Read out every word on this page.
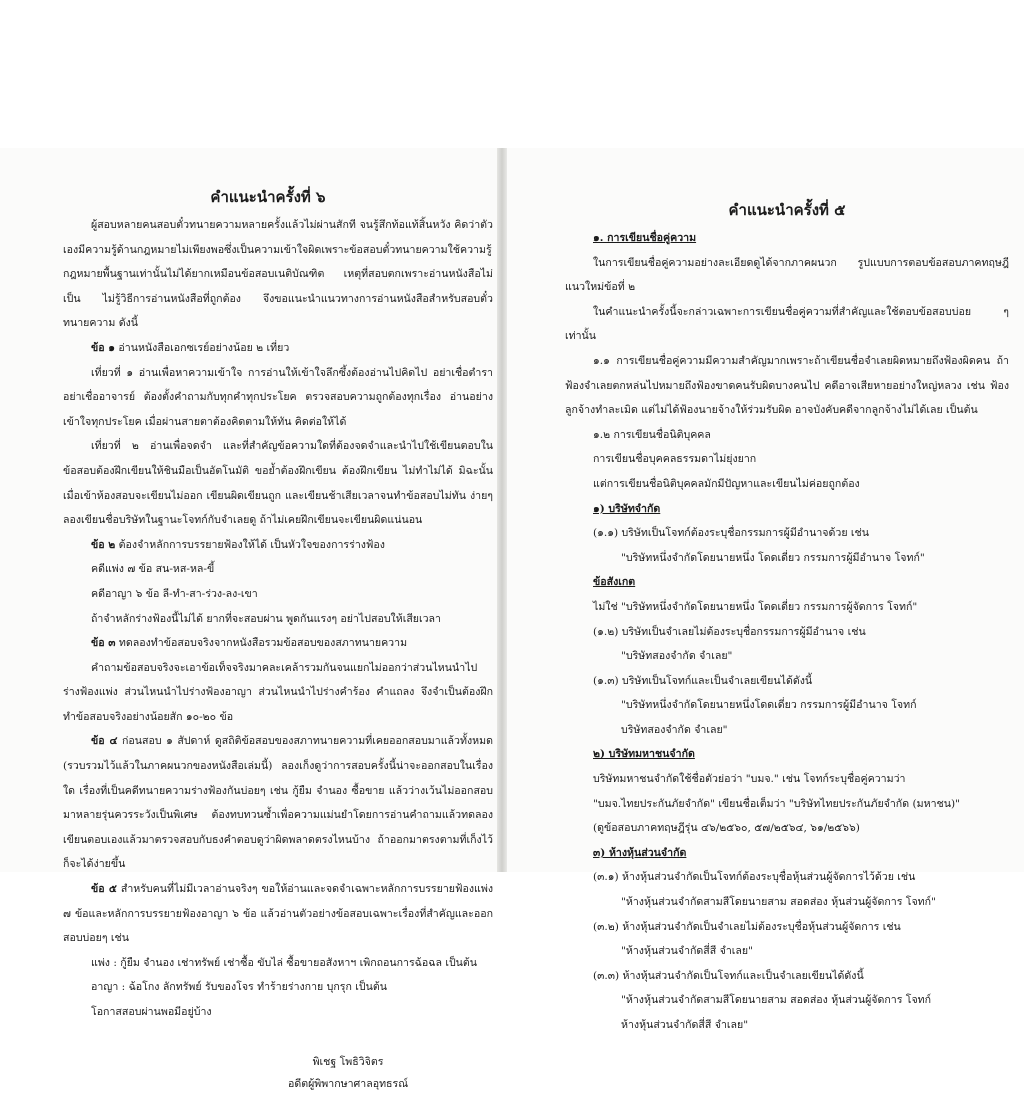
คำแนะนำครั้งที่ ๖
ผู้สอบหลายคนสอบตั๋วทนายความหลายครั้งแล้วไม่ผ่านสักที จนรู้สึกท้อแท้สิ้นหวัง คิดว่าตัวเองมีความรู้ด้านกฎหมายไม่เพียงพอซึ่งเป็นความเข้าใจผิดเพราะข้อสอบตั๋วทนายความใช้ความรู้กฎหมายพื้นฐานเท่านั้นไม่ได้ยากเหมือนข้อสอบเนติบัณฑิต เหตุที่สอบตกเพราะอ่านหนังสือไม่เป็น ไม่รู้วิธีการอ่านหนังสือที่ถูกต้อง จึงขอแนะนำแนวทางการอ่านหนังสือสำหรับสอบตั๋วทนายความ ดังนี้
ข้อ ๑ อ่านหนังสือเอกซเรย์อย่างน้อย ๒ เที่ยว
เที่ยวที่ ๑ อ่านเพื่อหาความเข้าใจ การอ่านให้เข้าใจลึกซึ้งต้องอ่านไปคิดไป อย่าเชื่อตำรา อย่าเชื่ออาจารย์ ต้องตั้งคำถามกับทุกคำทุกประโยค ตรวจสอบความถูกต้องทุกเรื่อง อ่านอย่างเข้าใจทุกประโยค เมื่อผ่านสายตาต้องคิดตามให้ทัน คิดต่อให้ได้
เที่ยวที่ ๒ อ่านเพื่อจดจำ และที่สำคัญข้อความใดที่ต้องจดจำและนำไปใช้เขียนตอบในข้อสอบต้องฝึกเขียนให้ชินมือเป็นอัตโนมัติ ขอย้ำต้องฝึกเขียน ต้องฝึกเขียน ไม่ทำไม่ได้ มิฉะนั้นเมื่อเข้าห้องสอบจะเขียนไม่ออก เขียนผิดเขียนถูก และเขียนช้าเสียเวลาจนทำข้อสอบไม่ทัน ง่ายๆ ลองเขียนชื่อบริษัทในฐานะโจทก์กับจำเลยดู ถ้าไม่เคยฝึกเขียนจะเขียนผิดแน่นอน
ข้อ ๒ ต้องจำหลักการบรรยายฟ้องให้ได้ เป็นหัวใจของการร่างฟ้อง
คดีแพ่ง ๗ ข้อ สน-หส-หล-ขี้
คดีอาญา ๖ ข้อ ลี-ทำ-สา-ร่วง-ลง-เขา
ถ้าจำหลักร่างฟ้องนี้ไม่ได้ ยากที่จะสอบผ่าน พูดกันแรงๆ อย่าไปสอบให้เสียเวลา
ข้อ ๓ ทดลองทำข้อสอบจริงจากหนังสือรวมข้อสอบของสภาทนายความ
คำถามข้อสอบจริงจะเอาข้อเท็จจริงมาคละเคล้ารวมกันจนแยกไม่ออกว่าส่วนไหนนำไปร่างฟ้องแพ่ง ส่วนไหนนำไปร่างฟ้องอาญา ส่วนไหนนำไปร่างคำร้อง คำแถลง จึงจำเป็นต้องฝึกทำข้อสอบจริงอย่างน้อยสัก ๑๐-๒๐ ข้อ
ข้อ ๔ ก่อนสอบ ๑ สัปดาห์ ดูสถิติข้อสอบของสภาทนายความที่เคยออกสอบมาแล้วทั้งหมด (รวบรวมไว้แล้วในภาคผนวกของหนังสือเล่มนี้) ลองเก็งดูว่าการสอบครั้งนี้น่าจะออกสอบในเรื่องใด เรื่องที่เป็นคดีทนายความร่างฟ้องกันบ่อยๆ เช่น กู้ยืม จำนอง ซื้อขาย แล้วว่างเว้นไม่ออกสอบมาหลายรุ่นควรระวังเป็นพิเศษ ต้องทบทวนซ้ำเพื่อความแม่นยำโดยการอ่านคำถามแล้วทดลองเขียนตอบเองแล้วมาตรวจสอบกับธงคำตอบดูว่าผิดพลาดตรงไหนบ้าง ถ้าออกมาตรงตามที่เก็งไว้ก็จะได้ง่ายขึ้น
ข้อ ๕ สำหรับคนที่ไม่มีเวลาอ่านจริงๆ ขอให้อ่านและจดจำเฉพาะหลักการบรรยายฟ้องแพ่ง ๗ ข้อและหลักการบรรยายฟ้องอาญา ๖ ข้อ แล้วอ่านตัวอย่างข้อสอบเฉพาะเรื่องที่สำคัญและออกสอบบ่อยๆ เช่น
แพ่ง : กู้ยืม จำนอง เช่าทรัพย์ เช่าซื้อ ขับไล่ ซื้อขายอสังหาฯ เพิกถอนการฉ้อฉล เป็นต้น
อาญา : ฉ้อโกง ลักทรัพย์ รับของโจร ทำร้ายร่างกาย บุกรุก เป็นต้น
โอกาสสอบผ่านพอมีอยู่บ้าง
พิเชฐ โพธิวิจิตร
อดีตผู้พิพากษาศาลอุทธรณ์
คำแนะนำครั้งที่ ๕
๑. การเขียนชื่อคู่ความ
ในการเขียนชื่อคู่ความอย่างละเอียดดูได้จากภาคผนวก รูปแบบการตอบข้อสอบภาคทฤษฎี แนวใหม่ข้อที่ ๒
ในคำแนะนำครั้งนี้จะกล่าวเฉพาะการเขียนชื่อคู่ความที่สำคัญและใช้ตอบข้อสอบบ่อย ๆ เท่านั้น
๑.๑ การเขียนชื่อคู่ความมีความสำคัญมากเพราะถ้าเขียนชื่อจำเลยผิดหมายถึงฟ้องผิดคน ถ้าฟ้องจำเลยตกหล่นไปหมายถึงฟ้องขาดคนรับผิดบางคนไป คดีอาจเสียหายอย่างใหญ่หลวง เช่น ฟ้องลูกจ้างทำละเมิด แต่ไม่ได้ฟ้องนายจ้างให้ร่วมรับผิด อาจบังคับคดีจากลูกจ้างไม่ได้เลย เป็นต้น
๑.๒ การเขียนชื่อนิติบุคคล
การเขียนชื่อบุคคลธรรมดาไม่ยุ่งยาก
แต่การเขียนชื่อนิติบุคคลมักมีปัญหาและเขียนไม่ค่อยถูกต้อง
๑) บริษัทจำกัด
(๑.๑) บริษัทเป็นโจทก์ต้องระบุชื่อกรรมการผู้มีอำนาจด้วย เช่น
"บริษัทหนึ่งจำกัดโดยนายหนึ่ง โดดเดี่ยว กรรมการผู้มีอำนาจ โจทก์"
ข้อสังเกต
ไม่ใช่ "บริษัทหนึ่งจำกัดโดยนายหนึ่ง โดดเดี่ยว กรรมการผู้จัดการ โจทก์"
(๑.๒) บริษัทเป็นจำเลยไม่ต้องระบุชื่อกรรมการผู้มีอำนาจ เช่น
"บริษัทสองจำกัด จำเลย"
(๑.๓) บริษัทเป็นโจทก์และเป็นจำเลยเขียนได้ดังนี้
"บริษัทหนึ่งจำกัดโดยนายหนึ่งโดดเดี่ยว กรรมการผู้มีอำนาจ โจทก์
บริษัทสองจำกัด จำเลย"
๒) บริษัทมหาชนจำกัด
บริษัทมหาชนจำกัดใช้ชื่อตัวย่อว่า "บมจ." เช่น โจทก์ระบุชื่อคู่ความว่า
"บมจ.ไทยประกันภัยจำกัด" เขียนชื่อเต็มว่า "บริษัทไทยประกันภัยจำกัด (มหาชน)"
(ดูข้อสอบภาคทฤษฎีรุ่น ๔๖/๒๕๖๐, ๕๗/๒๕๖๔, ๖๑/๒๕๖๖)
๓) ห้างหุ้นส่วนจำกัด
(๓.๑) ห้างหุ้นส่วนจำกัดเป็นโจทก์ต้องระบุชื่อหุ้นส่วนผู้จัดการไว้ด้วย เช่น
"ห้างหุ้นส่วนจำกัดสามสีโดยนายสาม สอดส่อง หุ้นส่วนผู้จัดการ โจทก์"
(๓.๒) ห้างหุ้นส่วนจำกัดเป็นจำเลยไม่ต้องระบุชื่อหุ้นส่วนผู้จัดการ เช่น
"ห้างหุ้นส่วนจำกัดสี่สี จำเลย"
(๓.๓) ห้างหุ้นส่วนจำกัดเป็นโจทก์และเป็นจำเลยเขียนได้ดังนี้
"ห้างหุ้นส่วนจำกัดสามสีโดยนายสาม สอดส่อง หุ้นส่วนผู้จัดการ โจทก์
ห้างหุ้นส่วนจำกัดสี่สี จำเลย"
